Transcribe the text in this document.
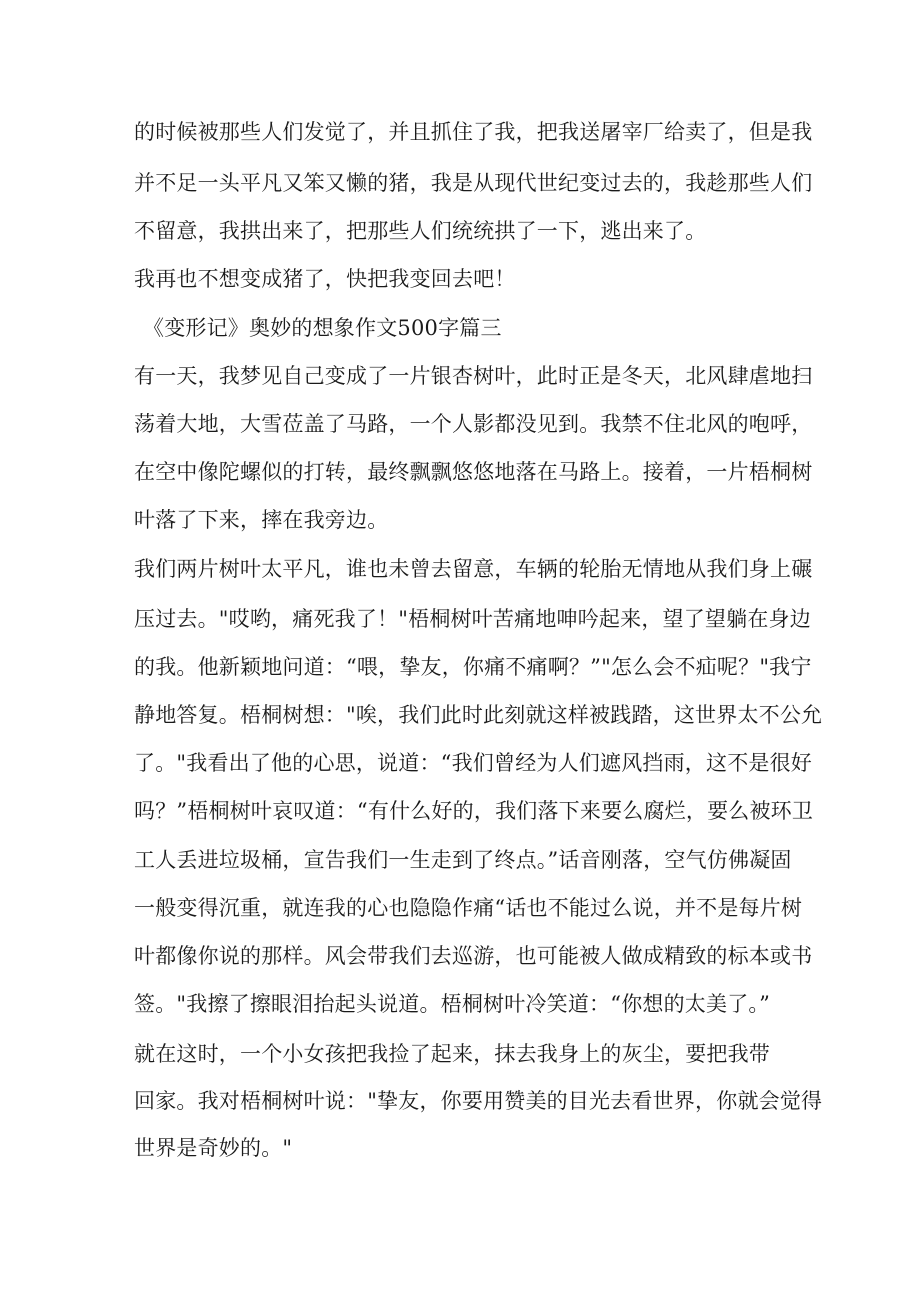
的时候被那些人们发觉了，并且抓住了我，把我送屠宰厂给卖了，但是我

并不足一头平凡又笨又懒的猪，我是从现代世纪变过去的，我趁那些人们

不留意，我拱出来了，把那些人们统统拱了一下，逃出来了。

我再也不想变成猪了，快把我变回去吧！

《变形记》奥妙的想象作文500字篇三

有一天，我梦见自己变成了一片银杏树叶，此时正是冬天，北风肆虐地扫

荡着大地，大雪莅盖了马路，一个人影都没见到。我禁不住北风的咆呼，

在空中像陀螺似的打转，最终飘飘悠悠地落在马路上。接着，一片梧桐树

叶落了下来，摔在我旁边。

我们两片树叶太平凡，谁也未曾去留意，车辆的轮胎无情地从我们身上碾

压过去。"哎哟，痛死我了！"梧桐树叶苦痛地呻吟起来，望了望躺在身边

的我。他新颖地问道：“喂，挚友，你痛不痛啊？”"怎么会不疝呢？"我宁

静地答复。梧桐树想："唉，我们此时此刻就这样被践踏，这世界太不公允

了。"我看出了他的心思，说道：“我们曾经为人们遮风挡雨，这不是很好

吗？”梧桐树叶哀叹道：“有什么好的，我们落下来要么腐烂，要么被环卫

工人丢进垃圾桶，宣告我们一生走到了终点。”话音刚落，空气仿佛凝固

一般变得沉重，就连我的心也隐隐作痛“话也不能过么说，并不是每片树

叶都像你说的那样。风会带我们去巡游，也可能被人做成精致的标本或书

签。"我擦了擦眼泪抬起头说道。梧桐树叶冷笑道：“你想的太美了。”

就在这时，一个小女孩把我捡了起来，抹去我身上的灰尘，要把我带

回家。我对梧桐树叶说："挚友，你要用赞美的目光去看世界，你就会觉得

世界是奇妙的。"
